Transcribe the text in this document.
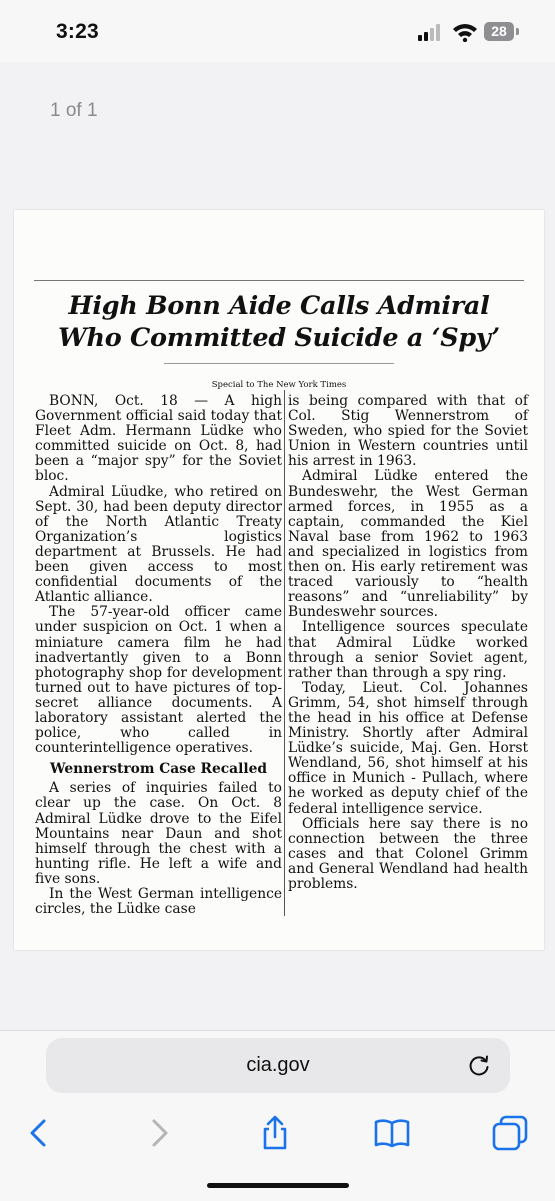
3:23	28
1 of 1
High Bonn Aide Calls Admiral
Who Committed Suicide a ‘Spy’
Special to The New York Times

BONN, Oct. 18 — A high Government official said today that Fleet Adm. Hermann Lüdke who committed suicide on Oct. 8, had been a “major spy” for the Soviet bloc.

Admiral Lüudke, who retired on Sept. 30, had been deputy director of the North Atlantic Treaty Organization’s logistics department at Brussels. He had been given access to most confidential documents of the Atlantic alliance.

The 57-year-old officer came under suspicion on Oct. 1 when a miniature camera film he had inadvertantly given to a Bonn photography shop for development turned out to have pictures of top-secret alliance documents. A laboratory assistant alerted the police, who called in counterintelligence operatives.

Wennerstrom Case Recalled

A series of inquiries failed to clear up the case. On Oct. 8 Admiral Lüdke drove to the Eifel Mountains near Daun and shot himself through the chest with a hunting rifle. He left a wife and five sons.

In the West German intelligence circles, the Lüdke case

is being compared with that of Col. Stig Wennerstrom of Sweden, who spied for the Soviet Union in Western countries until his arrest in 1963.

Admiral Lüdke entered the Bundeswehr, the West German armed forces, in 1955 as a captain, commanded the Kiel Naval base from 1962 to 1963 and specialized in logistics from then on. His early retirement was traced variously to “health reasons” and “unreliability” by Bundeswehr sources.

Intelligence sources speculate that Admiral Lüdke worked through a senior Soviet agent, rather than through a spy ring.

Today, Lieut. Col. Johannes Grimm, 54, shot himself through the head in his office at Defense Ministry. Shortly after Admiral Lüdke’s suicide, Maj. Gen. Horst Wendland, 56, shot himself at his office in Munich - Pullach, where he worked as deputy chief of the federal intelligence service.

Officials here say there is no connection between the three cases and that Colonel Grimm and General Wendland had health problems.

cia.gov
